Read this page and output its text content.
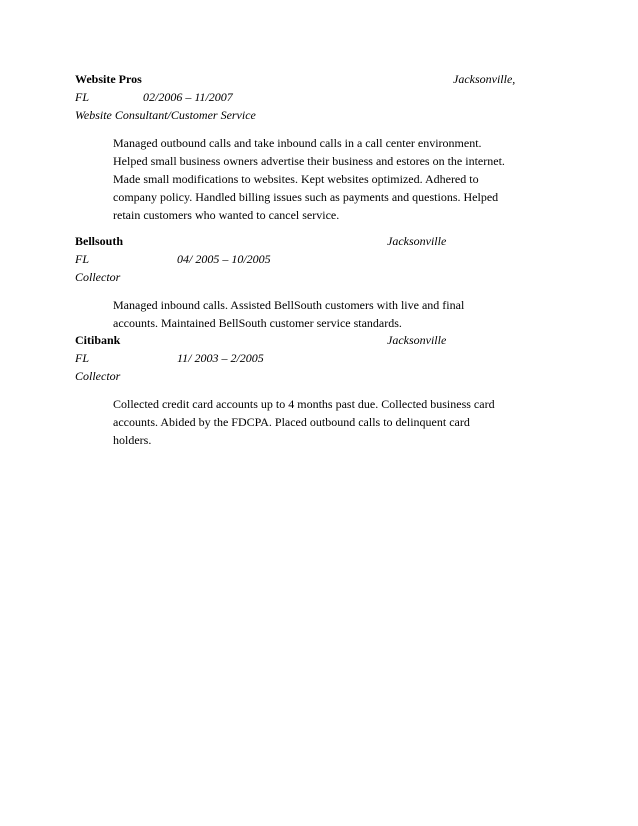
Website Pros	Jacksonville,
FL	02/2006 – 11/2007
Website Consultant/Customer Service
Managed outbound calls and take inbound calls in a call center environment.
Helped small business owners advertise their business and estores on the internet.
Made small modifications to websites. Kept websites optimized. Adhered to
company policy. Handled billing issues such as payments and questions. Helped
retain customers who wanted to cancel service.
Bellsouth	Jacksonville
FL	04/ 2005 – 10/2005
Collector
Managed inbound calls. Assisted BellSouth customers with live and final
accounts. Maintained BellSouth customer service standards.
Citibank	Jacksonville
FL	11/ 2003 – 2/2005
Collector
Collected credit card accounts up to 4 months past due. Collected business card
accounts. Abided by the FDCPA. Placed outbound calls to delinquent card
holders.
